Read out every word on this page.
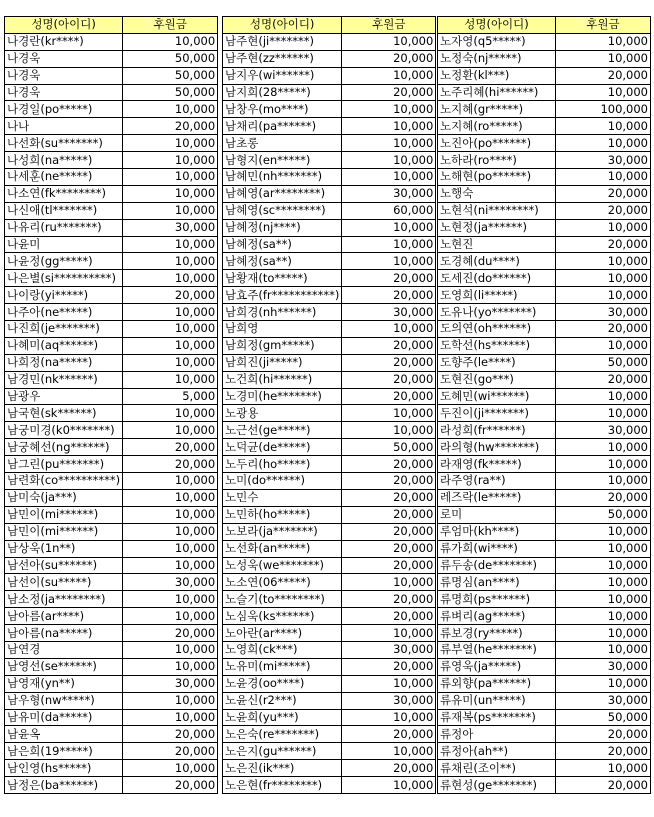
성명(아이디)	후원금
나경란(kr****)	10,000
나경욱	50,000
나경욱	50,000
나경욱	50,000
나경일(po*****)	10,000
나나	20,000
나선화(su*******)	10,000
나성희(na*****)	10,000
나세훈(ne*****)	10,000
나소연(fk********)	10,000
나신애(tl*******)	10,000
나유리(ru*******)	30,000
나윤미	10,000
나윤정(gg*****)	10,000
나은별(si**********)	10,000
나이랑(yi*****)	20,000
나주아(ne*****)	10,000
나진희(je*******)	10,000
나혜미(aq******)	10,000
나희정(na*****)	10,000
남경민(nk******)	10,000
남광우	5,000
남국현(sk******)	10,000
남궁미경(k0*******)	10,000
남궁혜선(ng******)	20,000
남그린(pu*******)	20,000
남련화(co**********)	10,000
남미숙(ja***)	10,000
남민이(mi******)	10,000
남민이(mi******)	10,000
남상욱(1n**)	10,000
남선아(su******)	10,000
남선이(su*****)	30,000
남소정(ja********)	10,000
남아름(ar****)	10,000
남아름(na*****)	20,000
남연경	10,000
남영선(se******)	10,000
남영재(yn**)	30,000
남우형(nw*****)	10,000
남유미(da*****)	10,000
남윤옥	20,000
남은희(19*****)	20,000
남인영(hs*****)	10,000
남정은(ba******)	20,000
성명(아이디)	후원금
남주현(ji*******)	10,000
남주현(zz******)	20,000
남지우(wi******)	10,000
남지희(28*****)	20,000
남창우(mo****)	10,000
남채리(pa******)	10,000
남초롱	10,000
남형지(en*****)	10,000
남혜민(nh*******)	10,000
남혜영(ar********)	30,000
남혜영(sc********)	60,000
남혜정(nj****)	10,000
남혜정(sa**)	10,000
남혜정(sa**)	10,000
남황재(to*****)	20,000
남효주(fr***********)	20,000
남희경(nh******)	30,000
남희영	10,000
남희정(gm*****)	20,000
남희진(ji*****)	20,000
노건희(hi******)	20,000
노경미(he*******)	20,000
노광용	10,000
노근선(ge*****)	10,000
노덕균(de*****)	50,000
노두리(ho*****)	20,000
노미(do******)	20,000
노민수	20,000
노민하(ho*****)	20,000
노보라(ja*******)	20,000
노선화(an*****)	20,000
노성욱(we*******)	20,000
노소연(06*****)	10,000
노슬기(to********)	20,000
노심욱(ks******)	20,000
노아란(ar****)	10,000
노영희(ck***)	30,000
노유미(mi*****)	20,000
노윤경(oo****)	10,000
노윤신(r2***)	30,000
노윤희(yu***)	10,000
노은숙(re*******)	20,000
노은지(gu******)	10,000
노은진(ik***)	20,000
노은현(fr********)	10,000
성명(아이디)	후원금
노자영(q5*****)	10,000
노정숙(nj*****)	10,000
노정환(kl***)	20,000
노주리혜(hi******)	10,000
노지혜(gr*****)	100,000
노지혜(ro*****)	10,000
노진아(po******)	10,000
노하라(ro****)	30,000
노해현(po******)	10,000
노행숙	20,000
노현석(ni********)	20,000
노현정(ja******)	10,000
노현진	20,000
도경혜(du****)	10,000
도세진(do******)	10,000
도영희(li*****)	10,000
도유나(yo*******)	30,000
도의연(oh******)	20,000
도학선(hs******)	10,000
도향주(le****)	50,000
도현진(go***)	20,000
도혜민(wi******)	10,000
두진이(ji*******)	10,000
라성희(fr******)	30,000
라의형(hw*******)	10,000
라재영(fk*****)	10,000
라주영(ra**)	10,000
레즈락(le*****)	20,000
로미	50,000
루엄마(kh****)	10,000
류가희(wi****)	10,000
류두송(de*******)	10,000
류명심(an****)	10,000
류명희(ps******)	10,000
류벼리(ag*****)	10,000
류보경(ry*****)	10,000
류부열(he*******)	10,000
류영욱(ja*****)	30,000
류외향(pa******)	10,000
류유미(un*****)	30,000
류재복(ps*******)	50,000
류정아	20,000
류정아(ah**)	20,000
류채린(조이**)	10,000
류현성(ge*******)	20,000
